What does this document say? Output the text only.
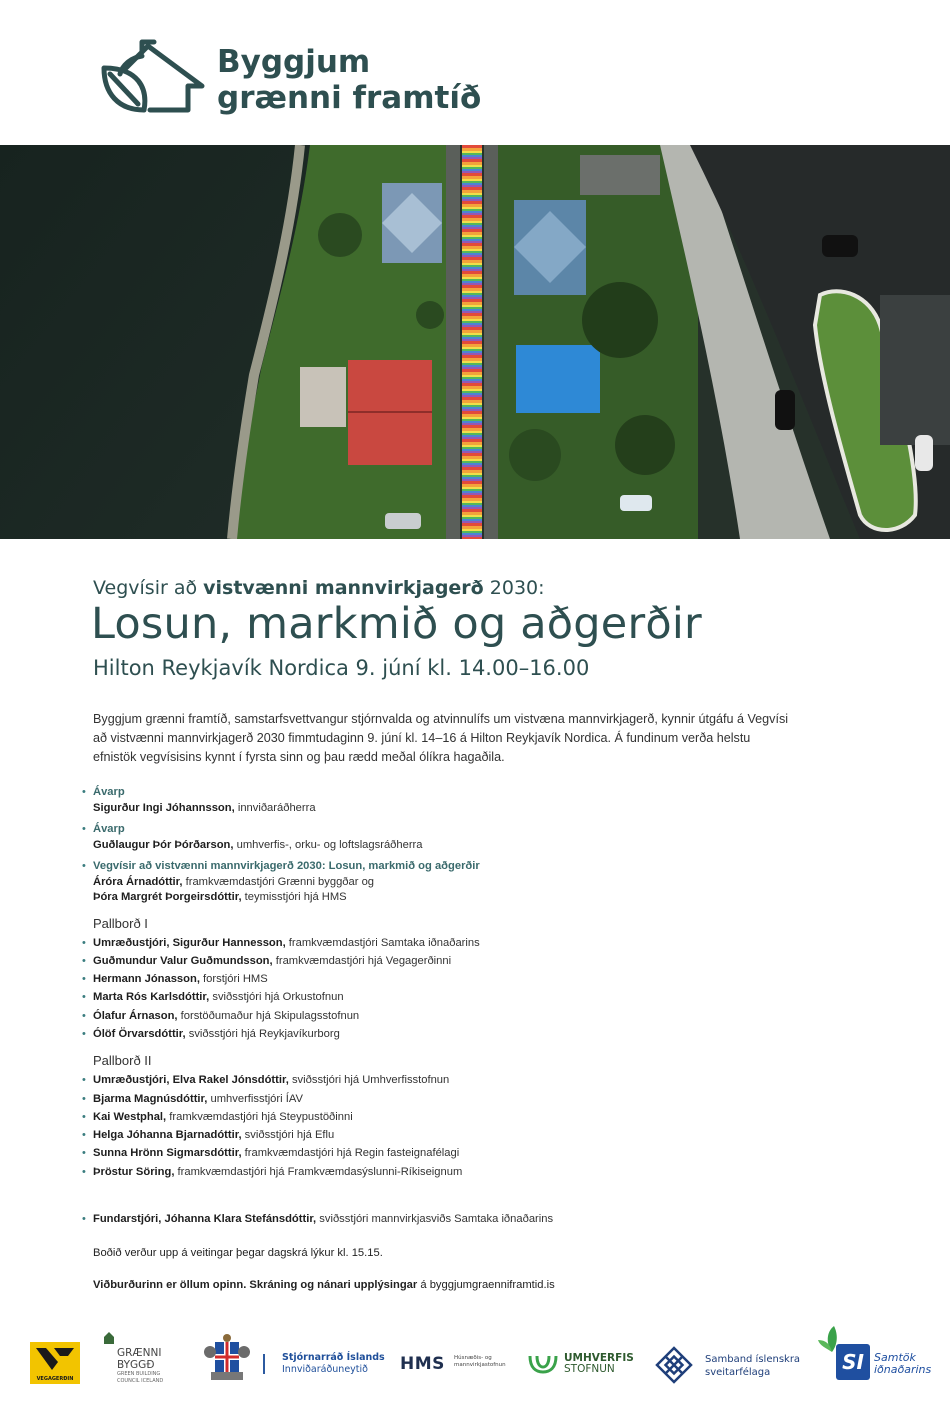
Byggjum
grænni framtíð
Vegvísir að vistvænni mannvirkjagerð 2030:
Losun, markmið og aðgerðir
Hilton Reykjavík Nordica 9. júní kl. 14.00–16.00
Byggjum grænni framtíð, samstarfsvettvangur stjórnvalda og atvinnulífs um vistvæna mannvirkjagerð, kynnir útgáfu á Vegvísi að vistvænni mannvirkjagerð 2030 fimmtudaginn 9. júní kl. 14–16 á Hilton Reykjavík Nordica. Á fundinum verða helstu efnistök vegvísisins kynnt í fyrsta sinn og þau rædd meðal ólíkra hagaðila.
• Ávarp
Sigurður Ingi Jóhannsson, innviðaráðherra
• Ávarp
Guðlaugur Þór Þórðarson, umhverfis-, orku- og loftslagsráðherra
• Vegvísir að vistvænni mannvirkjagerð 2030: Losun, markmið og aðgerðir
Áróra Árnadóttir, framkvæmdastjóri Grænni byggðar og
Þóra Margrét Þorgeirsdóttir, teymisstjóri hjá HMS
Pallborð I
• Umræðustjóri, Sigurður Hannesson, framkvæmdastjóri Samtaka iðnaðarins
• Guðmundur Valur Guðmundsson, framkvæmdastjóri hjá Vegagerðinni
• Hermann Jónasson, forstjóri HMS
• Marta Rós Karlsdóttir, sviðsstjóri hjá Orkustofnun
• Ólafur Árnason, forstöðumaður hjá Skipulagsstofnun
• Ólöf Örvarsdóttir, sviðsstjóri hjá Reykjavíkurborg
Pallborð II
• Umræðustjóri, Elva Rakel Jónsdóttir, sviðsstjóri hjá Umhverfisstofnun
• Bjarma Magnúsdóttir, umhverfisstjóri ÍAV
• Kai Westphal, framkvæmdastjóri hjá Steypustöðinni
• Helga Jóhanna Bjarnadóttir, sviðsstjóri hjá Eflu
• Sunna Hrönn Sigmarsdóttir, framkvæmdastjóri hjá Regin fasteignafélagi
• Þröstur Söring, framkvæmdastjóri hjá Framkvæmdasýslunni-Ríkiseignum
• Fundarstjóri, Jóhanna Klara Stefánsdóttir, sviðsstjóri mannvirkjasviðs Samtaka iðnaðarins
Boðið verður upp á veitingar þegar dagskrá lýkur kl. 15.15.
Viðburðurinn er öllum opinn. Skráning og nánari upplýsingar á byggjumgraenniframtid.is
VEGAGERÐIN
GRÆNNI
BYGGÐ
GREEN BUILDING
COUNCIL ICELAND
Stjórnarráð Íslands
Innviðaráðuneytið	HMS Húsnæðis- og
mannvirkjastofnun
UMHVERFIS
STOFNUN
Samband íslenskra
sveitarfélaga	SI Samtök
iðnaðarins
